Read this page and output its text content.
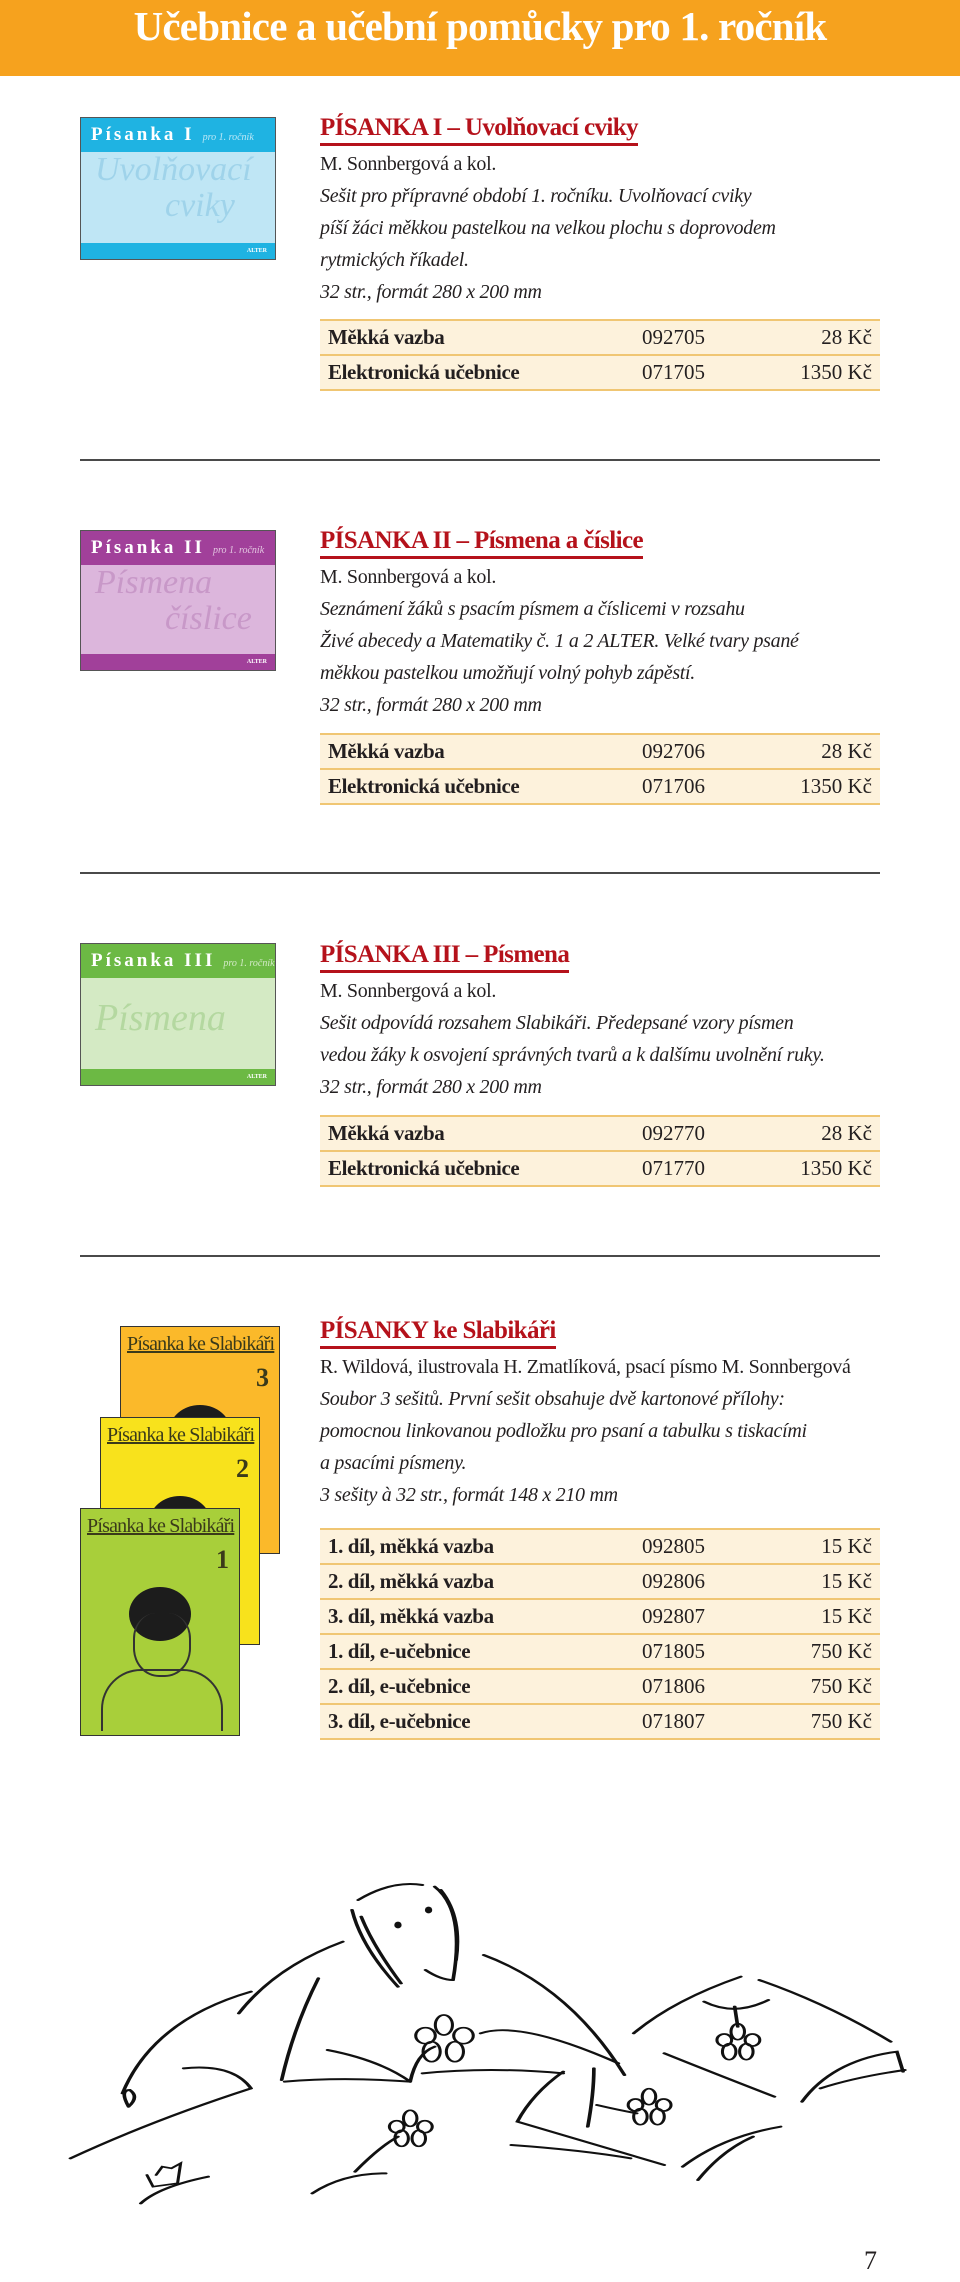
Učebnice a učební pomůcky pro 1. ročník
Písanka I pro 1. ročník
Uvolňovací
cviky
ALTER
PÍSANKA I – Uvolňovací cviky
M. Sonnbergová a kol.
Sešit pro přípravné období 1. ročníku. Uvolňovací cviky
píší žáci měkkou pastelkou na velkou plochu s doprovodem
rytmických říkadel.
32 str., formát 280 x 200 mm
Měkká vazba	092705	28 Kč
Elektronická učebnice	071705	1350 Kč
Písanka II pro 1. ročník
Písmena
číslice
ALTER
PÍSANKA II – Písmena a číslice
M. Sonnbergová a kol.
Seznámení žáků s psacím písmem a číslicemi v rozsahu
Živé abecedy a Matematiky č. 1 a 2 ALTER. Velké tvary psané
měkkou pastelkou umožňují volný pohyb zápěstí.
32 str., formát 280 x 200 mm
Měkká vazba	092706	28 Kč
Elektronická učebnice	071706	1350 Kč
Písanka III pro 1. ročník
Písmena
ALTER
PÍSANKA III – Písmena
M. Sonnbergová a kol.
Sešit odpovídá rozsahem Slabikáři. Předepsané vzory písmen
vedou žáky k osvojení správných tvarů a k dalšímu uvolnění ruky.
32 str., formát 280 x 200 mm
Měkká vazba	092770	28 Kč
Elektronická učebnice	071770	1350 Kč
Písanka ke Slabikáři
3
Písanka ke Slabikáři
2
Písanka ke Slabikáři
1
PÍSANKY ke Slabikáři
R. Wildová, ilustrovala H. Zmatlíková, psací písmo M. Sonnbergová
Soubor 3 sešitů. První sešit obsahuje dvě kartonové přílohy:
pomocnou linkovanou podložku pro psaní a tabulku s tiskacími
a psacími písmeny.
3 sešity à 32 str., formát 148 x 210 mm
1. díl, měkká vazba	092805	15 Kč
2. díl, měkká vazba	092806	15 Kč
3. díl, měkká vazba	092807	15 Kč
1. díl, e-učebnice	071805	750 Kč
2. díl, e-učebnice	071806	750 Kč
3. díl, e-učebnice	071807	750 Kč
7
